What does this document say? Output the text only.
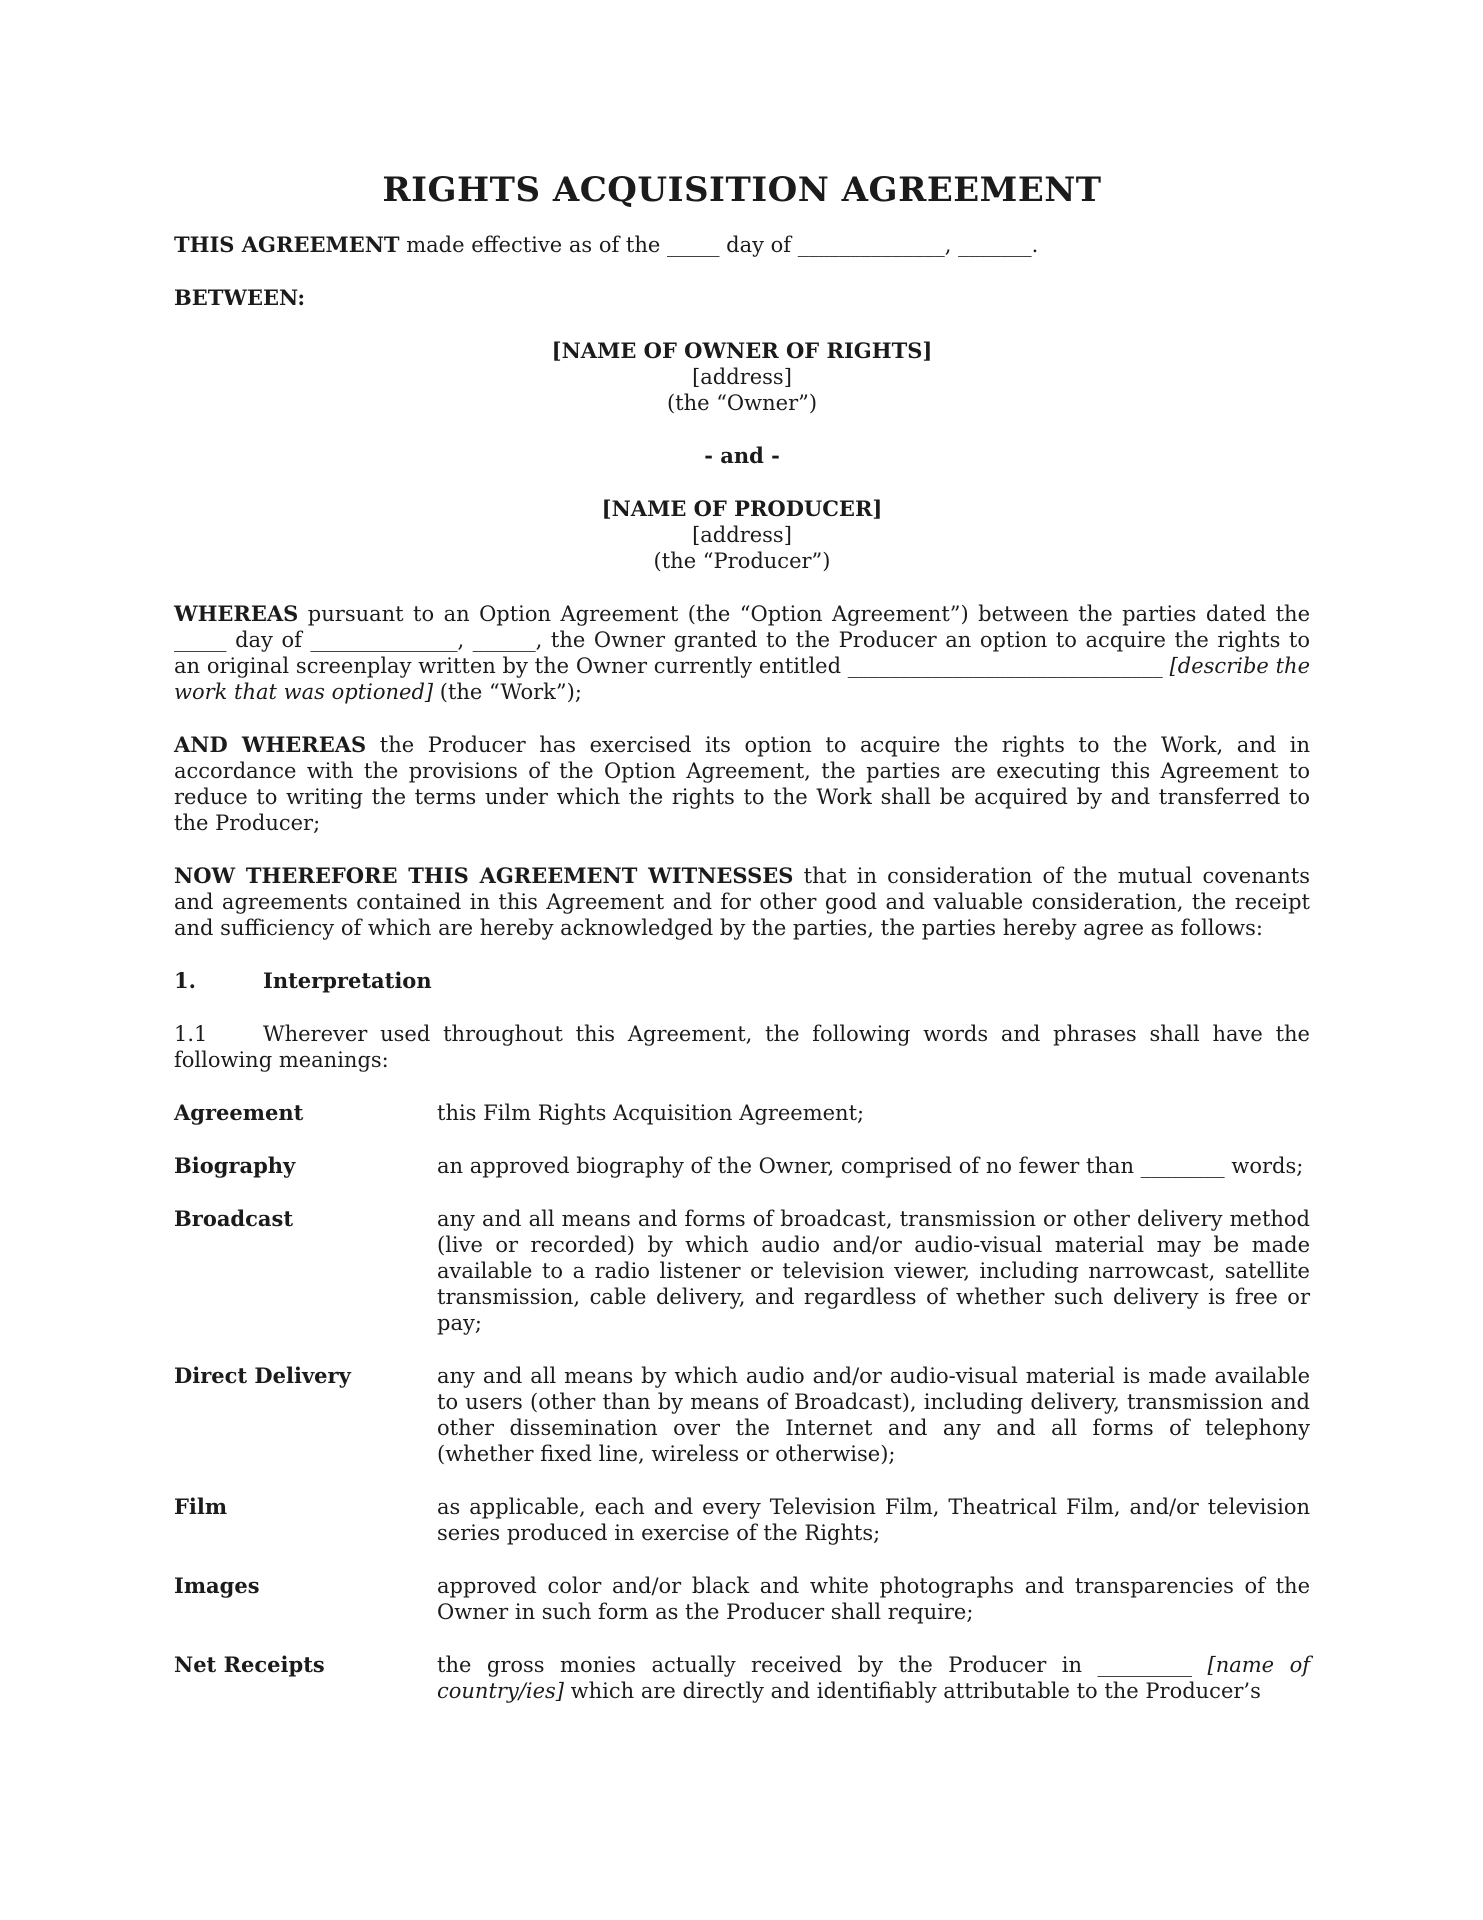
RIGHTS ACQUISITION AGREEMENT

THIS AGREEMENT made effective as of the _____ day of ______________, _______.

BETWEEN:

[NAME OF OWNER OF RIGHTS]
[address]
(the “Owner”)
- and -
[NAME OF PRODUCER]
[address]
(the “Producer”)

WHEREAS pursuant to an Option Agreement (the “Option Agreement”) between the parties dated the _____ day of ______________, ______, the Owner granted to the Producer an option to acquire the rights to an original screenplay written by the Owner currently entitled ______________________________ [describe the work that was optioned] (the “Work”);

AND WHEREAS the Producer has exercised its option to acquire the rights to the Work, and in accordance with the provisions of the Option Agreement, the parties are executing this Agreement to reduce to writing the terms under which the rights to the Work shall be acquired by and transferred to the Producer;

NOW THEREFORE THIS AGREEMENT WITNESSES that in consideration of the mutual covenants and agreements contained in this Agreement and for other good and valuable consideration, the receipt and sufficiency of which are hereby acknowledged by the parties, the parties hereby agree as follows:

1.	Interpretation

1.1	Wherever used throughout this Agreement, the following words and phrases shall have the following meanings:

Agreement	this Film Rights Acquisition Agreement;
Biography	an approved biography of the Owner, comprised of no fewer than ________ words;
Broadcast	any and all means and forms of broadcast, transmission or other delivery method (live or recorded) by which audio and/or audio-visual material may be made available to a radio listener or television viewer, including narrowcast, satellite transmission, cable delivery, and regardless of whether such delivery is free or pay;
Direct Delivery	any and all means by which audio and/or audio-visual material is made available to users (other than by means of Broadcast), including delivery, transmission and other dissemination over the Internet and any and all forms of telephony (whether fixed line, wireless or otherwise);
Film	as applicable, each and every Television Film, Theatrical Film, and/or television series produced in exercise of the Rights;
Images	approved color and/or black and white photographs and transparencies of the Owner in such form as the Producer shall require;
Net Receipts	the gross monies actually received by the Producer in _________ [name of country/ies] which are directly and identifiably attributable to the Producer’s
